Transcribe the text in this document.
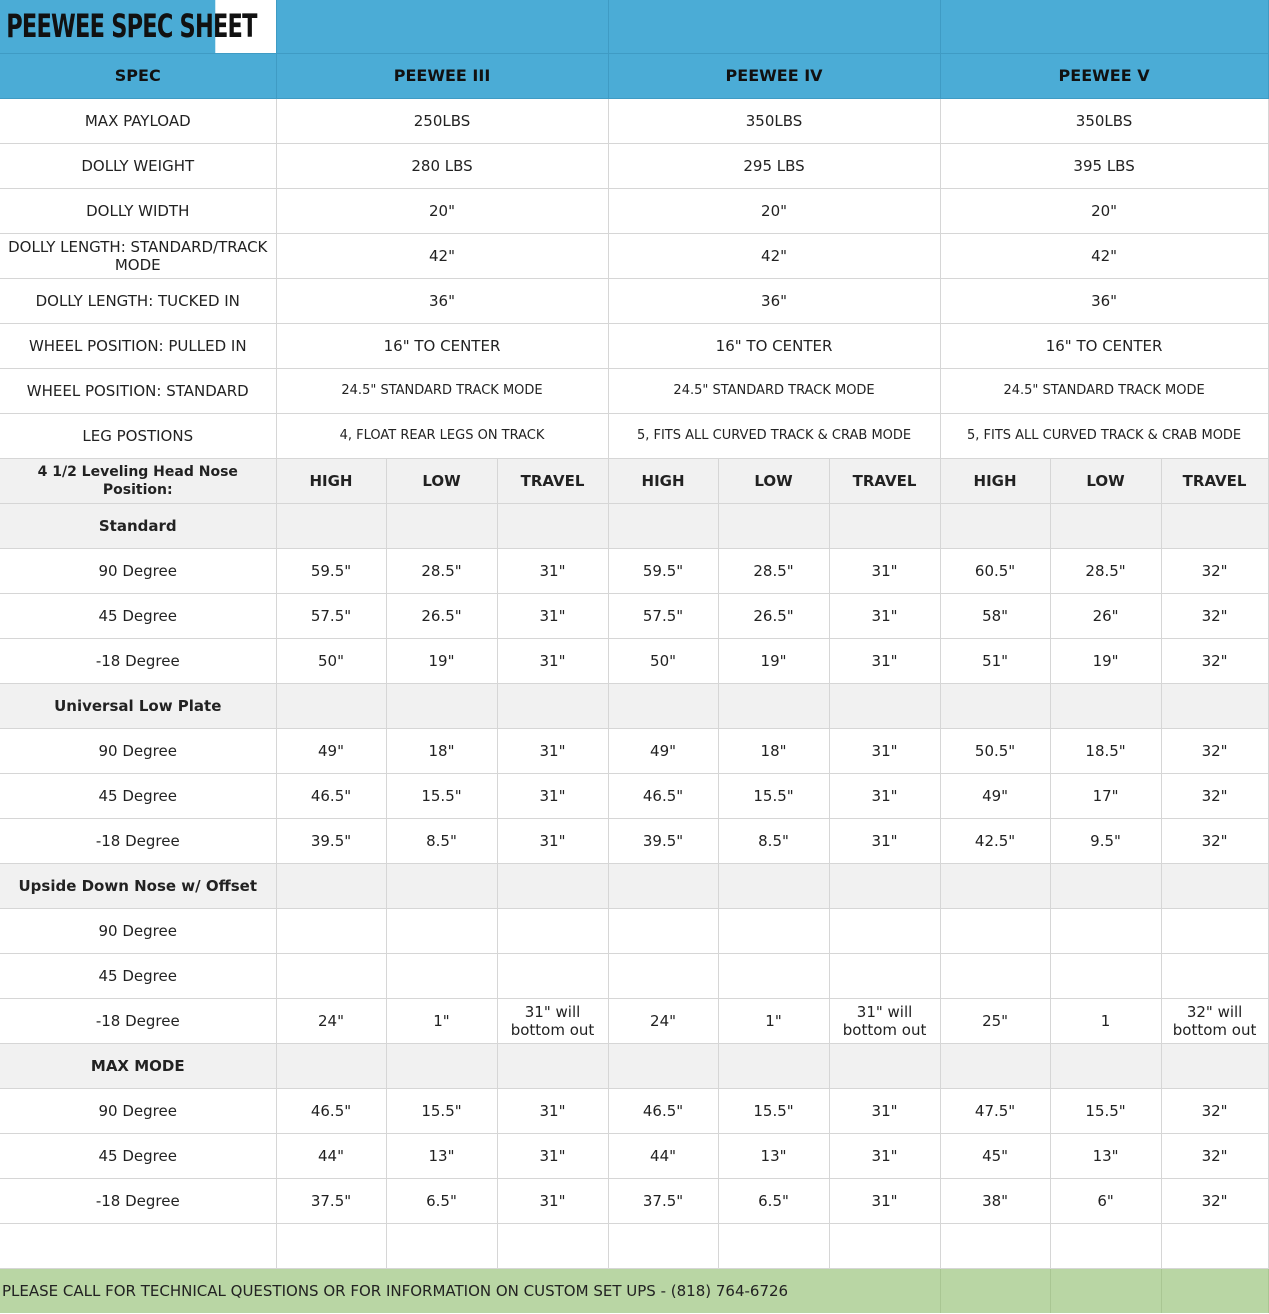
PEEWEE SPEC SHEET									
SPEC	PEEWEE III			PEEWEE IV			PEEWEE V		
MAX PAYLOAD	250LBS			350LBS			350LBS		
DOLLY WEIGHT	280 LBS			295 LBS			395 LBS		
DOLLY WIDTH	20"			20"			20"		
DOLLY LENGTH: STANDARD/TRACK MODE	42"			42"			42"		
DOLLY LENGTH: TUCKED IN	36"			36"			36"		
WHEEL POSITION: PULLED IN	16" TO CENTER			16" TO CENTER			16" TO CENTER		
WHEEL POSITION: STANDARD	24.5" STANDARD TRACK MODE			24.5" STANDARD TRACK MODE			24.5" STANDARD TRACK MODE		
LEG POSTIONS	4, FLOAT REAR LEGS ON TRACK			5, FITS ALL CURVED TRACK & CRAB MODE			5, FITS ALL CURVED TRACK & CRAB MODE		
4 1/2 Leveling Head Nose Position:	HIGH	LOW	TRAVEL	HIGH	LOW	TRAVEL	HIGH	LOW	TRAVEL
Standard									
90 Degree	59.5"	28.5"	31"	59.5"	28.5"	31"	60.5"	28.5"	32"
45 Degree	57.5"	26.5"	31"	57.5"	26.5"	31"	58"	26"	32"
-18 Degree	50"	19"	31"	50"	19"	31"	51"	19"	32"
Universal Low Plate									
90 Degree	49"	18"	31"	49"	18"	31"	50.5"	18.5"	32"
45 Degree	46.5"	15.5"	31"	46.5"	15.5"	31"	49"	17"	32"
-18 Degree	39.5"	8.5"	31"	39.5"	8.5"	31"	42.5"	9.5"	32"
Upside Down Nose w/ Offset									
90 Degree									
45 Degree									
-18 Degree	24"	1"	31" will bottom out	24"	1"	31" will bottom out	25"	1	32" will bottom out
MAX MODE									
90 Degree	46.5"	15.5"	31"	46.5"	15.5"	31"	47.5"	15.5"	32"
45 Degree	44"	13"	31"	44"	13"	31"	45"	13"	32"
-18 Degree	37.5"	6.5"	31"	37.5"	6.5"	31"	38"	6"	32"

PLEASE CALL FOR TECHNICAL QUESTIONS OR FOR INFORMATION ON CUSTOM SET UPS - (818) 764-6726									
